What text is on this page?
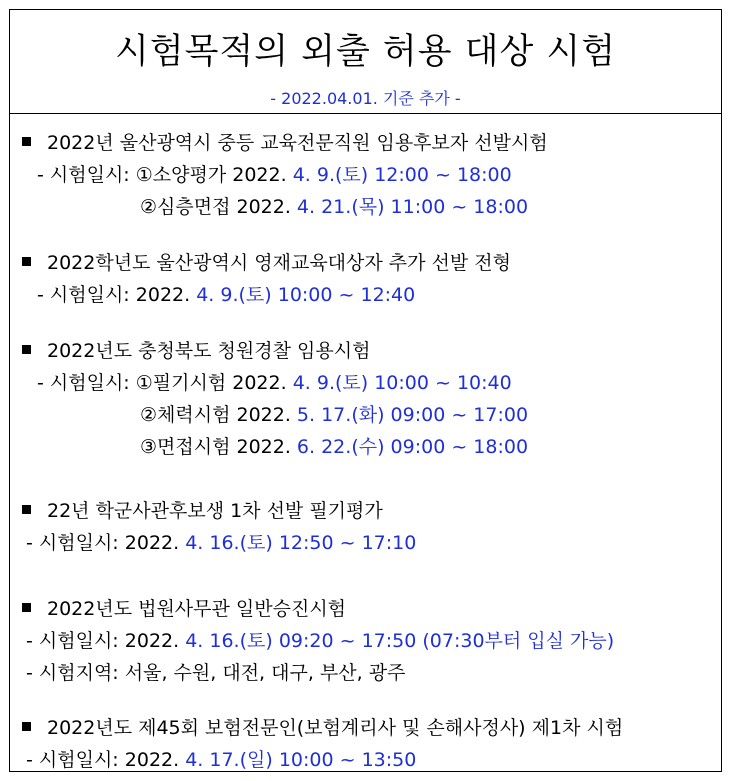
시험목적의 외출 허용 대상 시험
- 2022.04.01. 기준 추가 -
2022년 울산광역시 중등 교육전문직원 임용후보자 선발시험
- 시험일시: ①소양평가 2022. 4. 9.(토) 12:00 ~ 18:00
②심층면접 2022. 4. 21.(목) 11:00 ~ 18:00
2022학년도 울산광역시 영재교육대상자 추가 선발 전형
- 시험일시: 2022. 4. 9.(토) 10:00 ~ 12:40
2022년도 충청북도 청원경찰 임용시험
- 시험일시: ①필기시험 2022. 4. 9.(토) 10:00 ~ 10:40
②체력시험 2022. 5. 17.(화) 09:00 ~ 17:00
③면접시험 2022. 6. 22.(수) 09:00 ~ 18:00
22년 학군사관후보생 1차 선발 필기평가
- 시험일시: 2022. 4. 16.(토) 12:50 ~ 17:10
2022년도 법원사무관 일반승진시험
- 시험일시: 2022. 4. 16.(토) 09:20 ~ 17:50 (07:30부터 입실 가능)
- 시험지역: 서울, 수원, 대전, 대구, 부산, 광주
2022년도 제45회 보험전문인(보험계리사 및 손해사정사) 제1차 시험
- 시험일시: 2022. 4. 17.(일) 10:00 ~ 13:50
